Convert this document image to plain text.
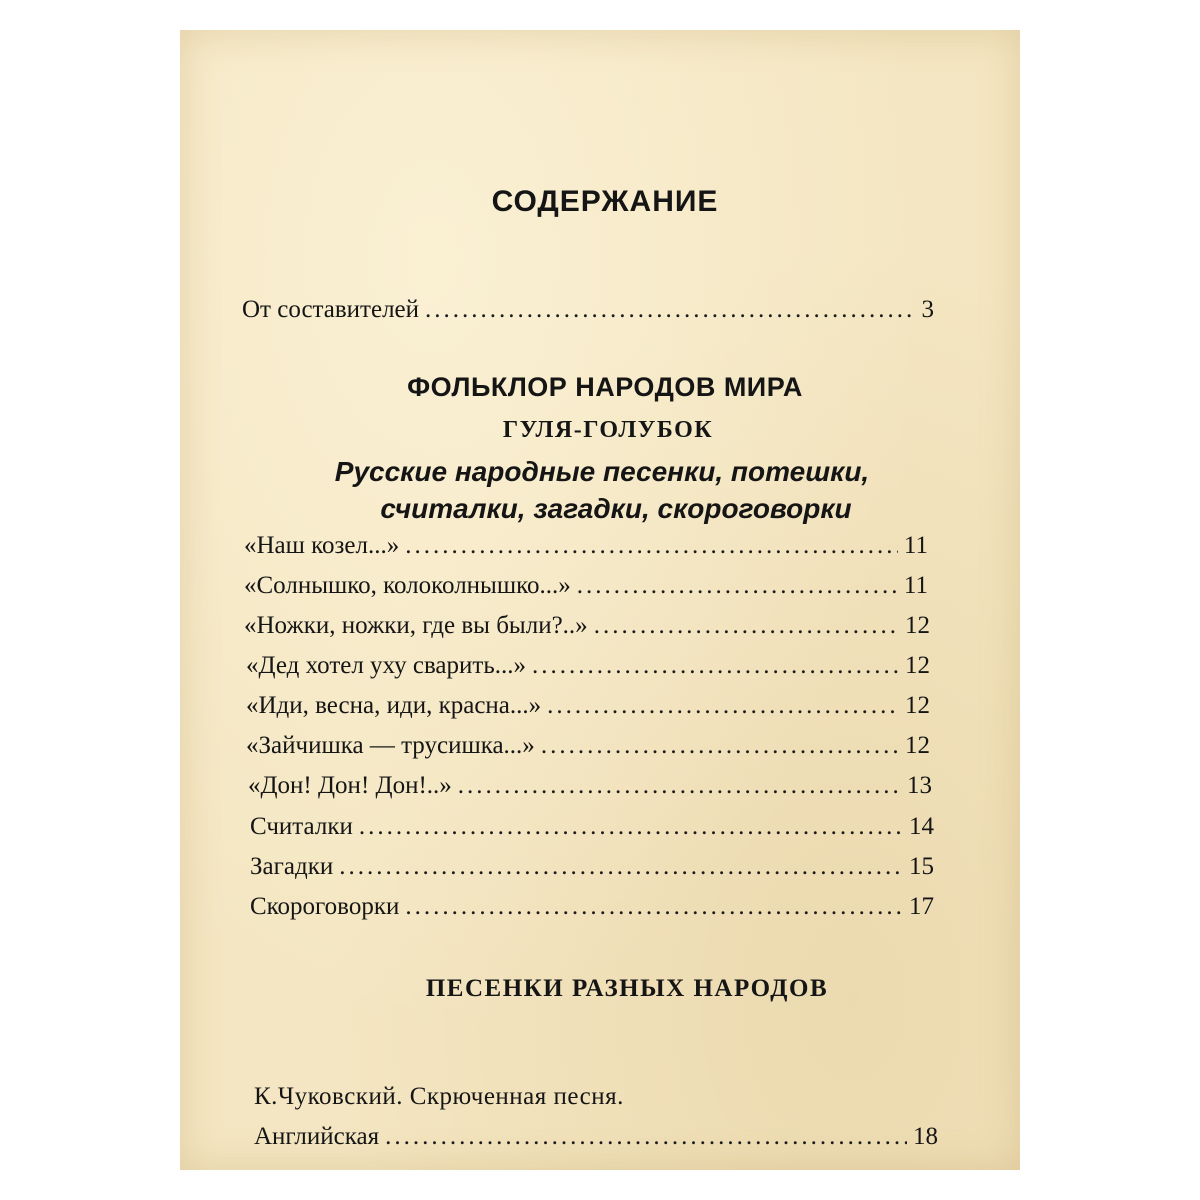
СОДЕРЖАНИЕ
От составителей .....	3
ФОЛЬКЛОР НАРОДОВ МИРА
ГУЛЯ-ГОЛУБОК
Русские народные песенки, потешки,
считалки, загадки, скороговорки
«Наш козел...» .....	11
«Солнышко, колоколнышко...» .....	11
«Ножки, ножки, где вы были?..» .....	12
«Дед хотел уху сварить...» .....	12
«Иди, весна, иди, красна...» .....	12
«Зайчишка — трусишка...» .....	12
«Дон! Дон! Дон!..» .....	13
Считалки .....	14
Загадки .....	15
Скороговорки .....	17
ПЕСЕНКИ РАЗНЫХ НАРОДОВ
К.Чуковский. Скрюченная песня.
Английская .....	18
